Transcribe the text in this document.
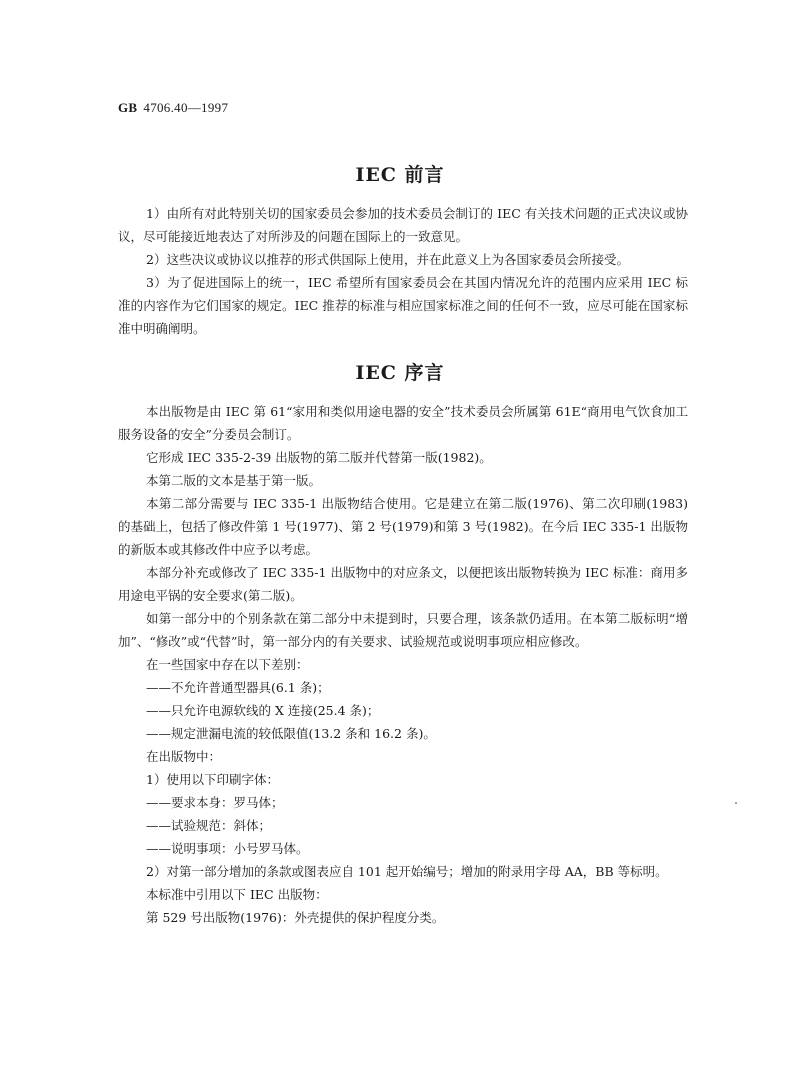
GB 4706.40—1997
IEC 前言

1）由所有对此特别关切的国家委员会参加的技术委员会制订的 IEC 有关技术问题的正式决议或协议，尽可能接近地表达了对所涉及的问题在国际上的一致意见。

2）这些决议或协议以推荐的形式供国际上使用，并在此意义上为各国家委员会所接受。

3）为了促进国际上的统一，IEC 希望所有国家委员会在其国内情况允许的范围内应采用 IEC 标准的内容作为它们国家的规定。IEC 推荐的标准与相应国家标准之间的任何不一致，应尽可能在国家标准中明确阐明。

IEC 序言

本出版物是由 IEC 第 61“家用和类似用途电器的安全”技术委员会所属第 61E“商用电气饮食加工服务设备的安全”分委员会制订。

它形成 IEC 335-2-39 出版物的第二版并代替第一版(1982)。

本第二版的文本是基于第一版。

本第二部分需要与 IEC 335-1 出版物结合使用。它是建立在第二版(1976)、第二次印刷(1983)的基础上，包括了修改件第 1 号(1977)、第 2 号(1979)和第 3 号(1982)。在今后 IEC 335-1 出版物的新版本或其修改件中应予以考虑。

本部分补充或修改了 IEC 335-1 出版物中的对应条文，以便把该出版物转换为 IEC 标准：商用多用途电平锅的安全要求(第二版)。

如第一部分中的个别条款在第二部分中未提到时，只要合理，该条款仍适用。在本第二版标明“增加”、“修改”或“代替”时，第一部分内的有关要求、试验规范或说明事项应相应修改。

在一些国家中存在以下差别：

——不允许普通型器具(6.1 条)；
——只允许电源软线的 X 连接(25.4 条)；
——规定泄漏电流的较低限值(13.2 条和 16.2 条)。
在出版物中：
1）使用以下印刷字体：
——要求本身：罗马体；
——试验规范：斜体；
——说明事项：小号罗马体。

2）对第一部分增加的条款或图表应自 101 起开始编号；增加的附录用字母 AA，BB 等标明。

本标准中引用以下 IEC 出版物：
第 529 号出版物(1976)：外壳提供的保护程度分类。
